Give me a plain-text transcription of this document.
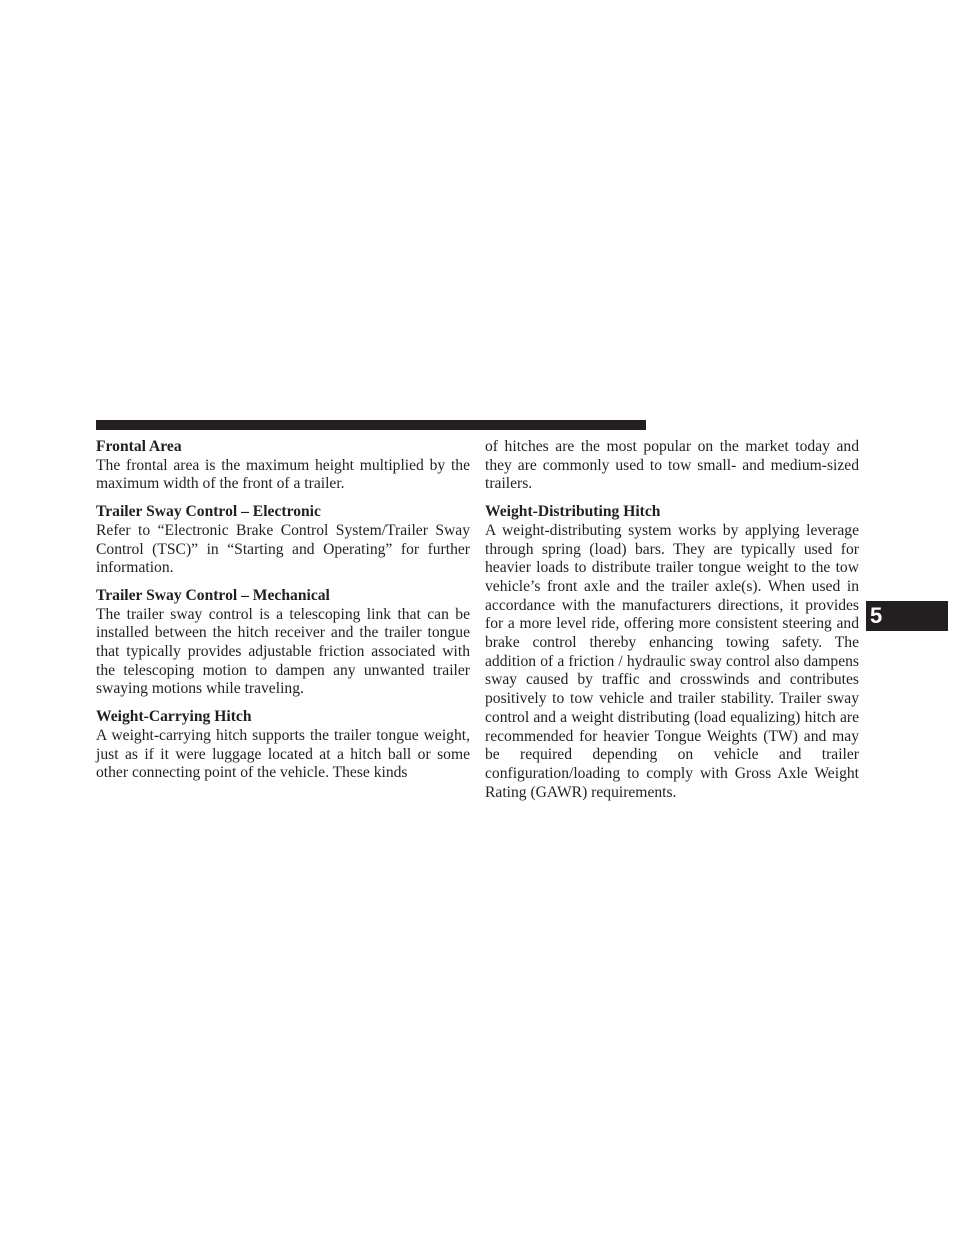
Frontal Area

The frontal area is the maximum height multiplied by the maximum width of the front of a trailer.

Trailer Sway Control – Electronic

Refer to “Electronic Brake Control System/Trailer Sway Control (TSC)” in “Starting and Operating” for further information.

Trailer Sway Control – Mechanical

The trailer sway control is a telescoping link that can be installed between the hitch receiver and the trailer tongue that typically provides adjustable friction associated with the telescoping motion to dampen any unwanted trailer swaying motions while traveling.

Weight-Carrying Hitch

A weight-carrying hitch supports the trailer tongue weight, just as if it were luggage located at a hitch ball or some other connecting point of the vehicle. These kinds

of hitches are the most popular on the market today and they are commonly used to tow small- and medium-sized trailers.

Weight-Distributing Hitch

A weight-distributing system works by applying leverage through spring (load) bars. They are typically used for heavier loads to distribute trailer tongue weight to the tow vehicle’s front axle and the trailer axle(s). When used in accordance with the manufacturers directions, it provides for a more level ride, offering more consistent steering and brake control thereby enhancing towing safety. The addition of a friction / hydraulic sway control also dampens sway caused by traffic and crosswinds and contributes positively to tow vehicle and trailer stability. Trailer sway control and a weight distributing (load equalizing) hitch are recommended for heavier Tongue Weights (TW) and may be required depending on vehicle and trailer configuration/loading to comply with Gross Axle Weight Rating (GAWR) requirements.

5
